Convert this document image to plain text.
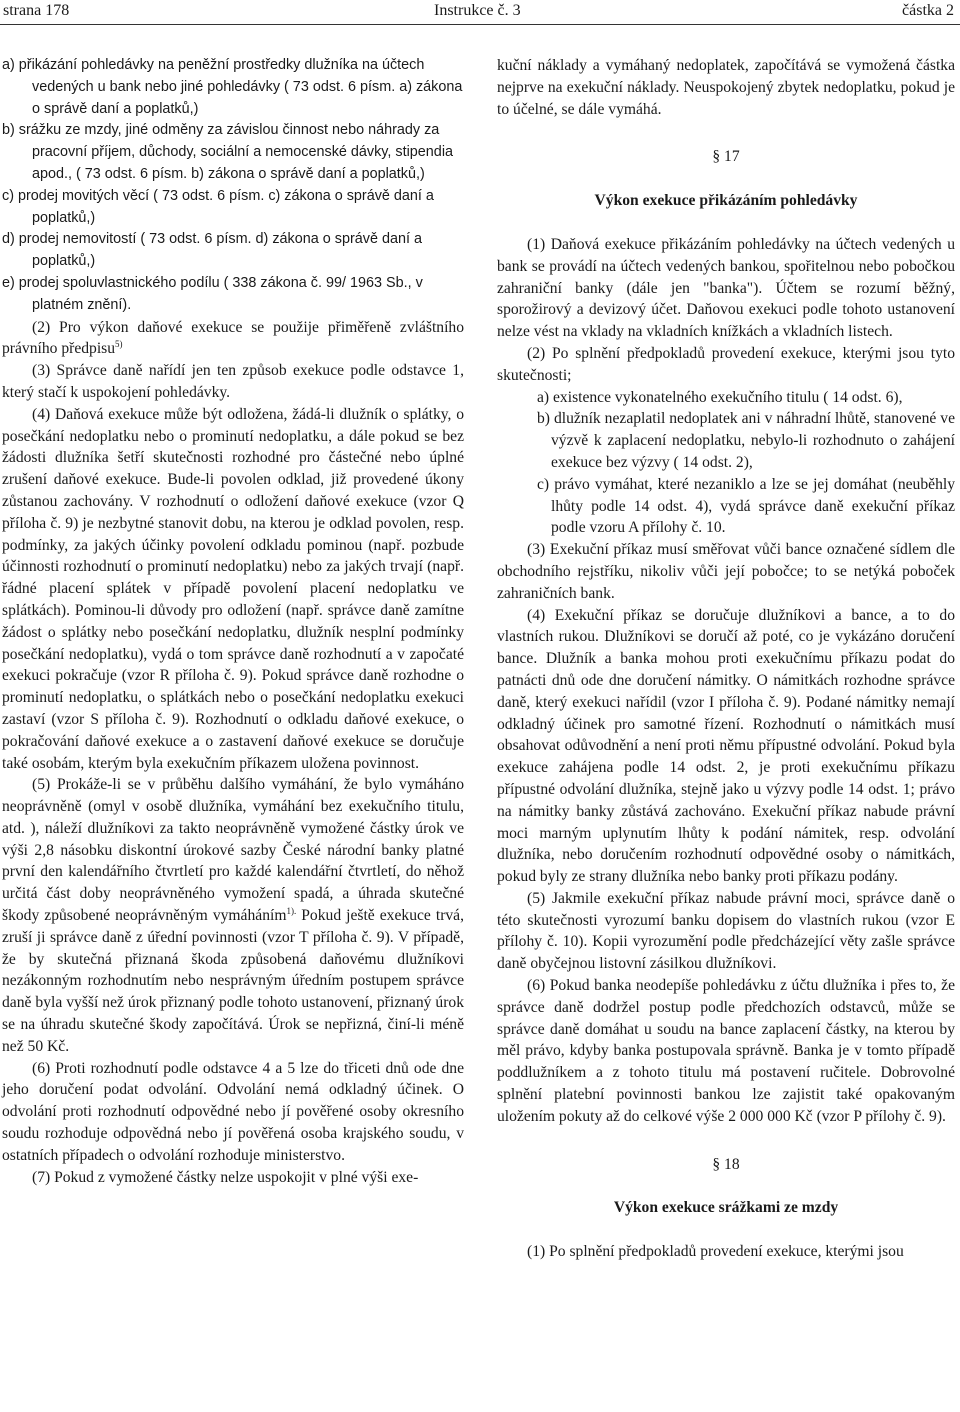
strana 178	Instrukce č. 3	částka 2

a) přikázání pohledávky na peněžní prostředky dlužníka na účtech vedených u bank nebo jiné pohledávky ( 73 odst. 6 písm. a) zákona o správě daní a poplatků,)

b) srážku ze mzdy, jiné odměny za závislou činnost nebo náhrady za pracovní příjem, důchody, sociální a nemocenské dávky, stipendia apod., ( 73 odst. 6 písm. b) zákona o správě daní a poplatků,)

c) prodej movitých věcí ( 73 odst. 6 písm. c) zákona o správě daní a poplatků,)

d) prodej nemovitostí ( 73 odst. 6 písm. d) zákona o správě daní a poplatků,)

e) prodej spoluvlastnického podílu ( 338 zákona č. 99/ 1963 Sb., v platném znění).

(2) Pro výkon daňové exekuce se použije přiměřeně zvláštního právního předpisu$^{5)}$

(3) Správce daně nařídí jen ten způsob exekuce podle odstavce 1, který stačí k uspokojení pohledávky.

(4) Daňová exekuce může být odložena, žádá-li dlužník o splátky, o posečkání nedoplatku nebo o prominutí nedoplatku, a dále pokud se bez žádosti dlužníka šetří skutečnosti rozhodné pro částečné nebo úplné zrušení daňové exekuce. Bude-li povolen odklad, již provedené úkony zůstanou zachovány. V rozhodnutí o odložení daňové exekuce (vzor Q příloha č. 9) je nezbytné stanovit dobu, na kterou je odklad povolen, resp. podmínky, za jakých účinky povolení odkladu pominou (např. pozbude účinnosti rozhodnutí o prominutí nedoplatku) nebo za jakých trvají (např. řádné placení splátek v případě povolení placení nedoplatku ve splátkách). Pominou-li důvody pro odložení (např. správce daně zamítne žádost o splátky nebo posečkání nedoplatku, dlužník nesplní podmínky posečkání nedoplatku), vydá o tom správce daně rozhodnutí a v započaté exekuci pokračuje (vzor R příloha č. 9). Pokud správce daně rozhodne o prominutí nedoplatku, o splátkách nebo o posečkání nedoplatku exekuci zastaví (vzor S příloha č. 9). Rozhodnutí o odkladu daňové exekuce, o pokračování daňové exekuce a o zastavení daňové exekuce se doručuje také osobám, kterým byla exekučním příkazem uložena povinnost.

(5) Prokáže-li se v průběhu dalšího vymáhání, že bylo vymáháno neoprávněně (omyl v osobě dlužníka, vymáhání bez exekučního titulu, atd. ), náleží dlužníkovi za takto neoprávněně vymožené částky úrok ve výši 2,8 násobku diskontní úrokové sazby České národní banky platné první den kalendářního čtvrtletí pro každé kalendářní čtvrtletí, do něhož určitá část doby neoprávněného vymožení spadá, a úhrada skutečné škody způsobené neoprávněným vymáháním$^{1).}$ Pokud ještě exekuce trvá, zruší ji správce daně z úřední povinnosti (vzor T příloha č. 9). V případě, že by skutečná přiznaná škoda způsobená daňovému dlužníkovi nezákonným rozhodnutím nebo nesprávným úředním postupem správce daně byla vyšší než úrok přiznaný podle tohoto ustanovení, přiznaný úrok se na úhradu skutečné škody započítává. Úrok se nepřizná, činí-li méně než 50 Kč.

(6) Proti rozhodnutí podle odstavce 4 a 5 lze do třiceti dnů ode dne jeho doručení podat odvolání. Odvolání nemá odkladný účinek. O odvolání proti rozhodnutí odpovědné nebo jí pověřené osoby okresního soudu rozhoduje odpovědná nebo jí pověřená osoba krajského soudu, v ostatních případech o odvolání rozhoduje ministerstvo.

(7) Pokud z vymožené částky nelze uspokojit v plné výši exe-

kuční náklady a vymáhaný nedoplatek, započítává se vymožená částka nejprve na exekuční náklady. Neuspokojený zbytek nedoplatku, pokud je to účelné, se dále vymáhá.

§ 17

Výkon exekuce přikázáním pohledávky

(1) Daňová exekuce přikázáním pohledávky na účtech vedených u bank se provádí na účtech vedených bankou, spořitelnou nebo pobočkou zahraniční banky (dále jen "banka"). Účtem se rozumí běžný, sporožirový a devizový účet. Daňovou exekuci podle tohoto ustanovení nelze vést na vklady na vkladních knížkách a vkladních listech.

(2) Po splnění předpokladů provedení exekuce, kterými jsou tyto skutečnosti;

a) existence vykonatelného exekučního titulu ( 14 odst. 6),

b) dlužník nezaplatil nedoplatek ani v náhradní lhůtě, stanovené ve výzvě k zaplacení nedoplatku, nebylo-li rozhodnuto o zahájení exekuce bez výzvy ( 14 odst. 2),

c) právo vymáhat, které nezaniklo a lze se jej domáhat (neuběhly lhůty podle 14 odst. 4), vydá správce daně exekuční příkaz podle vzoru A přílohy č. 10.

(3) Exekuční příkaz musí směřovat vůči bance označené sídlem dle obchodního rejstříku, nikoliv vůči její pobočce; to se netýká poboček zahraničních bank.

(4) Exekuční příkaz se doručuje dlužníkovi a bance, a to do vlastních rukou. Dlužníkovi se doručí až poté, co je vykázáno doručení bance. Dlužník a banka mohou proti exekučnímu příkazu podat do patnácti dnů ode dne doručení námitky. O námitkách rozhodne správce daně, který exekuci nařídil (vzor I příloha č. 9). Podané námitky nemají odkladný účinek pro samotné řízení. Rozhodnutí o námitkách musí obsahovat odůvodnění a není proti němu přípustné odvolání. Pokud byla exekuce zahájena podle 14 odst. 2, je proti exekučnímu příkazu přípustné odvolání dlužníka, stejně jako u výzvy podle 14 odst. 1; právo na námitky banky zůstává zachováno. Exekuční příkaz nabude právní moci marným uplynutím lhůty k podání námitek, resp. odvolání dlužníka, nebo doručením rozhodnutí odpovědné osoby o námitkách, pokud byly ze strany dlužníka nebo banky proti příkazu podány.

(5) Jakmile exekuční příkaz nabude právní moci, správce daně o této skutečnosti vyrozumí banku dopisem do vlastních rukou (vzor E přílohy č. 10). Kopii vyrozumění podle předcházející věty zašle správce daně obyčejnou listovní zásilkou dlužníkovi.

(6) Pokud banka neodepíše pohledávku z účtu dlužníka i přes to, že správce daně dodržel postup podle předchozích odstavců, může se správce daně domáhat u soudu na bance zaplacení částky, na kterou by měl právo, kdyby banka postupovala správně. Banka je v tomto případě poddlužníkem a z tohoto titulu má postavení ručitele. Dobrovolné splnění platební povinnosti bankou lze zajistit také opakovaným uložením pokuty až do celkové výše 2 000 000 Kč (vzor P přílohy č. 9).

§ 18

Výkon exekuce srážkami ze mzdy

(1) Po splnění předpokladů provedení exekuce, kterými jsou
